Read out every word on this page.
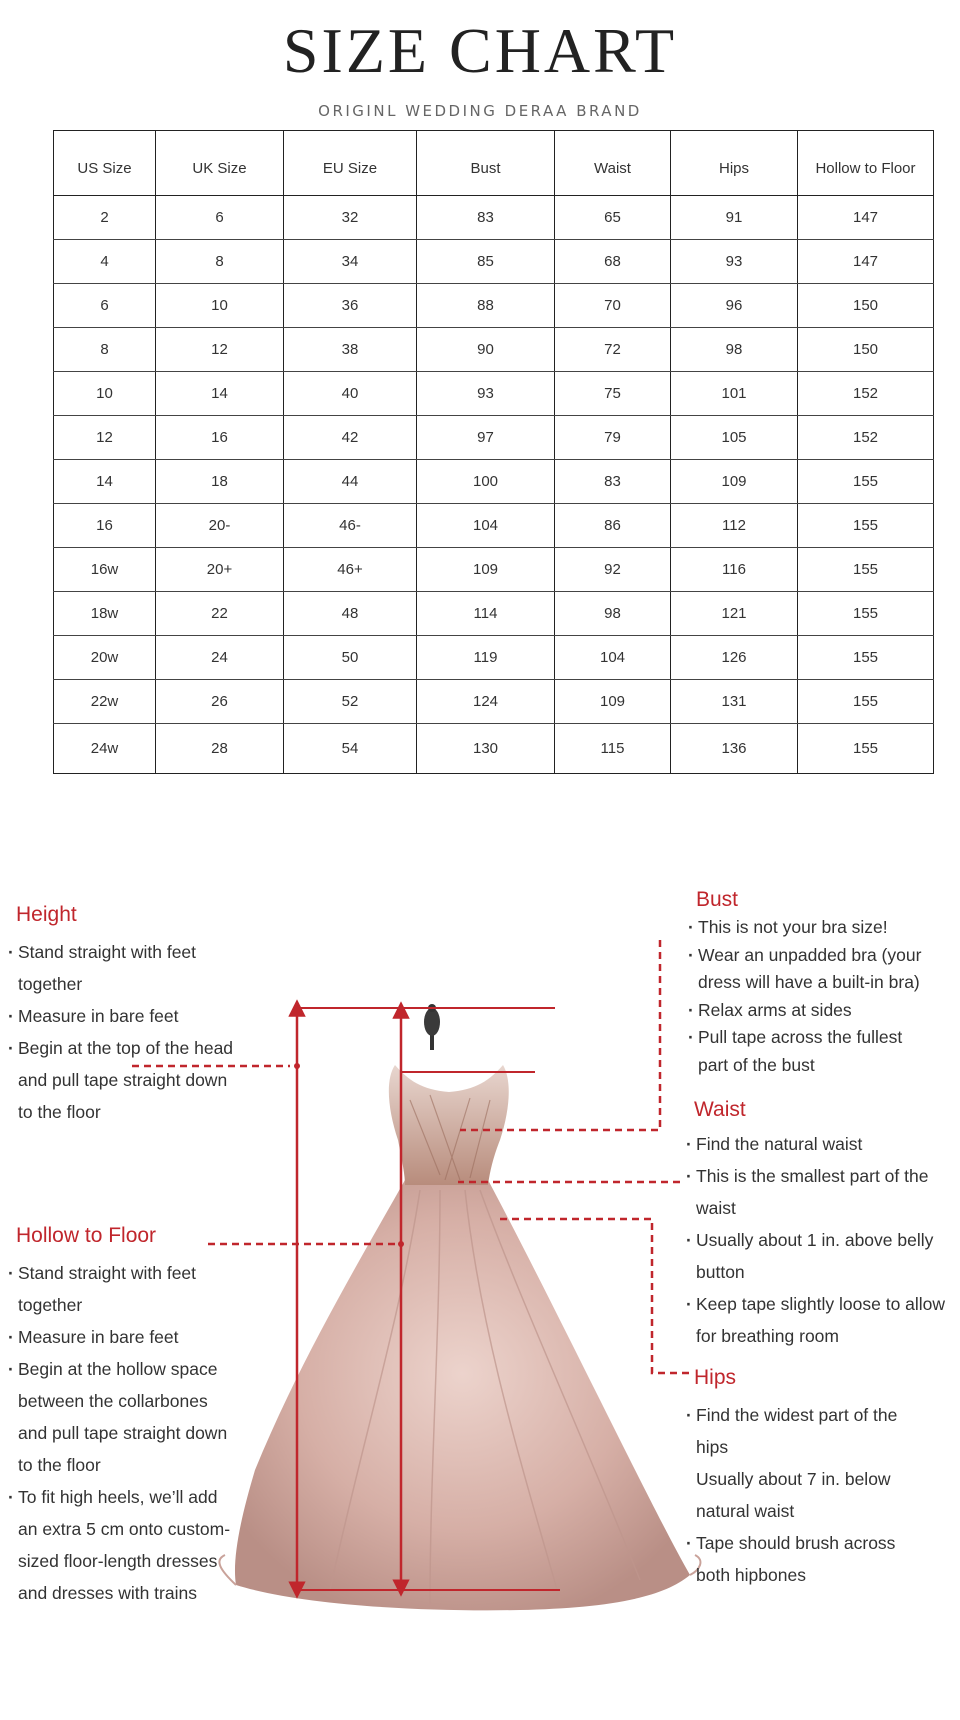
SIZE CHART
ORIGINL WEDDING DERAA BRAND
US Size	UK Size	EU Size	Bust	Waist	Hips	Hollow to Floor
2	6	32	83	65	91	147
4	8	34	85	68	93	147
6	10	36	88	70	96	150
8	12	38	90	72	98	150
10	14	40	93	75	101	152
12	16	42	97	79	105	152
14	18	44	100	83	109	155
16	20-	46-	104	86	112	155
16w	20+	46+	109	92	116	155
18w	22	48	114	98	121	155
20w	24	50	119	104	126	155
22w	26	52	124	109	131	155
24w	28	54	130	115	136	155
Height
· Stand straight with feet
together
· Measure in bare feet
· Begin at the top of the head
and pull tape straight down
to the floor
Hollow to Floor
· Stand straight with feet
together
· Measure in bare feet
· Begin at the hollow space
between the collarbones
and pull tape straight down
to the floor
· To fit high heels, we’ll add
an extra 5 cm onto custom-
sized floor-length dresses
and dresses with trains
Bust
· This is not your bra size!
· Wear an unpadded bra (your
dress will have a built-in bra)
· Relax arms at sides
· Pull tape across the fullest
part of the bust
Waist
· Find the natural waist
· This is the smallest part of the
waist
· Usually about 1 in. above belly
button
· Keep tape slightly loose to allow
for breathing room
Hips
· Find the widest part of the
hips
Usually about 7 in. below
natural waist
· Tape should brush across
both hipbones
